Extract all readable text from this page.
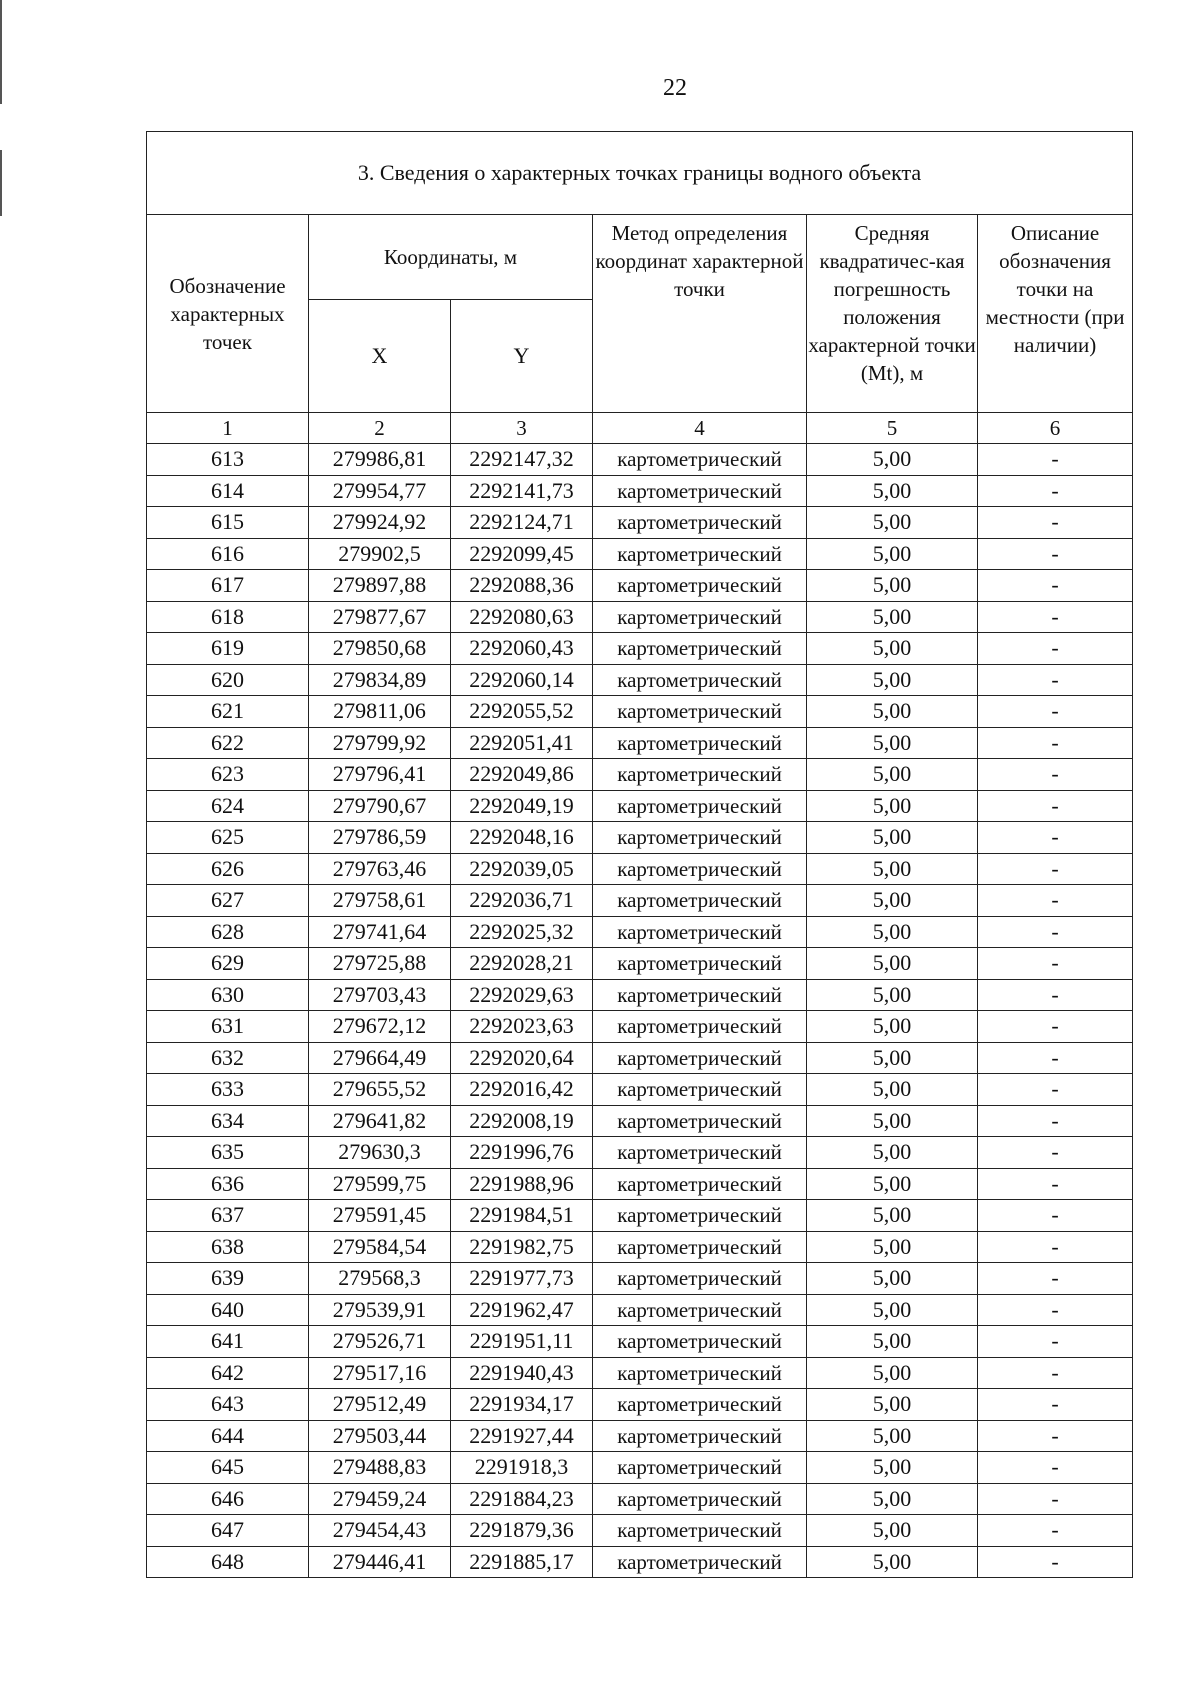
22
3. Сведения о характерных точках границы водного объекта					
Обозначение характерных точек	Координаты, м		Метод определения координат характерной точки	Средняя квадратичес-кая погрешность положения характерной точки (Mt), м	Описание обозначения точки на местности (при наличии)
	X	Y			
1	2	3	4	5	6
613	279986,81	2292147,32	картометрический	5,00	-
614	279954,77	2292141,73	картометрический	5,00	-
615	279924,92	2292124,71	картометрический	5,00	-
616	279902,5	2292099,45	картометрический	5,00	-
617	279897,88	2292088,36	картометрический	5,00	-
618	279877,67	2292080,63	картометрический	5,00	-
619	279850,68	2292060,43	картометрический	5,00	-
620	279834,89	2292060,14	картометрический	5,00	-
621	279811,06	2292055,52	картометрический	5,00	-
622	279799,92	2292051,41	картометрический	5,00	-
623	279796,41	2292049,86	картометрический	5,00	-
624	279790,67	2292049,19	картометрический	5,00	-
625	279786,59	2292048,16	картометрический	5,00	-
626	279763,46	2292039,05	картометрический	5,00	-
627	279758,61	2292036,71	картометрический	5,00	-
628	279741,64	2292025,32	картометрический	5,00	-
629	279725,88	2292028,21	картометрический	5,00	-
630	279703,43	2292029,63	картометрический	5,00	-
631	279672,12	2292023,63	картометрический	5,00	-
632	279664,49	2292020,64	картометрический	5,00	-
633	279655,52	2292016,42	картометрический	5,00	-
634	279641,82	2292008,19	картометрический	5,00	-
635	279630,3	2291996,76	картометрический	5,00	-
636	279599,75	2291988,96	картометрический	5,00	-
637	279591,45	2291984,51	картометрический	5,00	-
638	279584,54	2291982,75	картометрический	5,00	-
639	279568,3	2291977,73	картометрический	5,00	-
640	279539,91	2291962,47	картометрический	5,00	-
641	279526,71	2291951,11	картометрический	5,00	-
642	279517,16	2291940,43	картометрический	5,00	-
643	279512,49	2291934,17	картометрический	5,00	-
644	279503,44	2291927,44	картометрический	5,00	-
645	279488,83	2291918,3	картометрический	5,00	-
646	279459,24	2291884,23	картометрический	5,00	-
647	279454,43	2291879,36	картометрический	5,00	-
648	279446,41	2291885,17	картометрический	5,00	-
